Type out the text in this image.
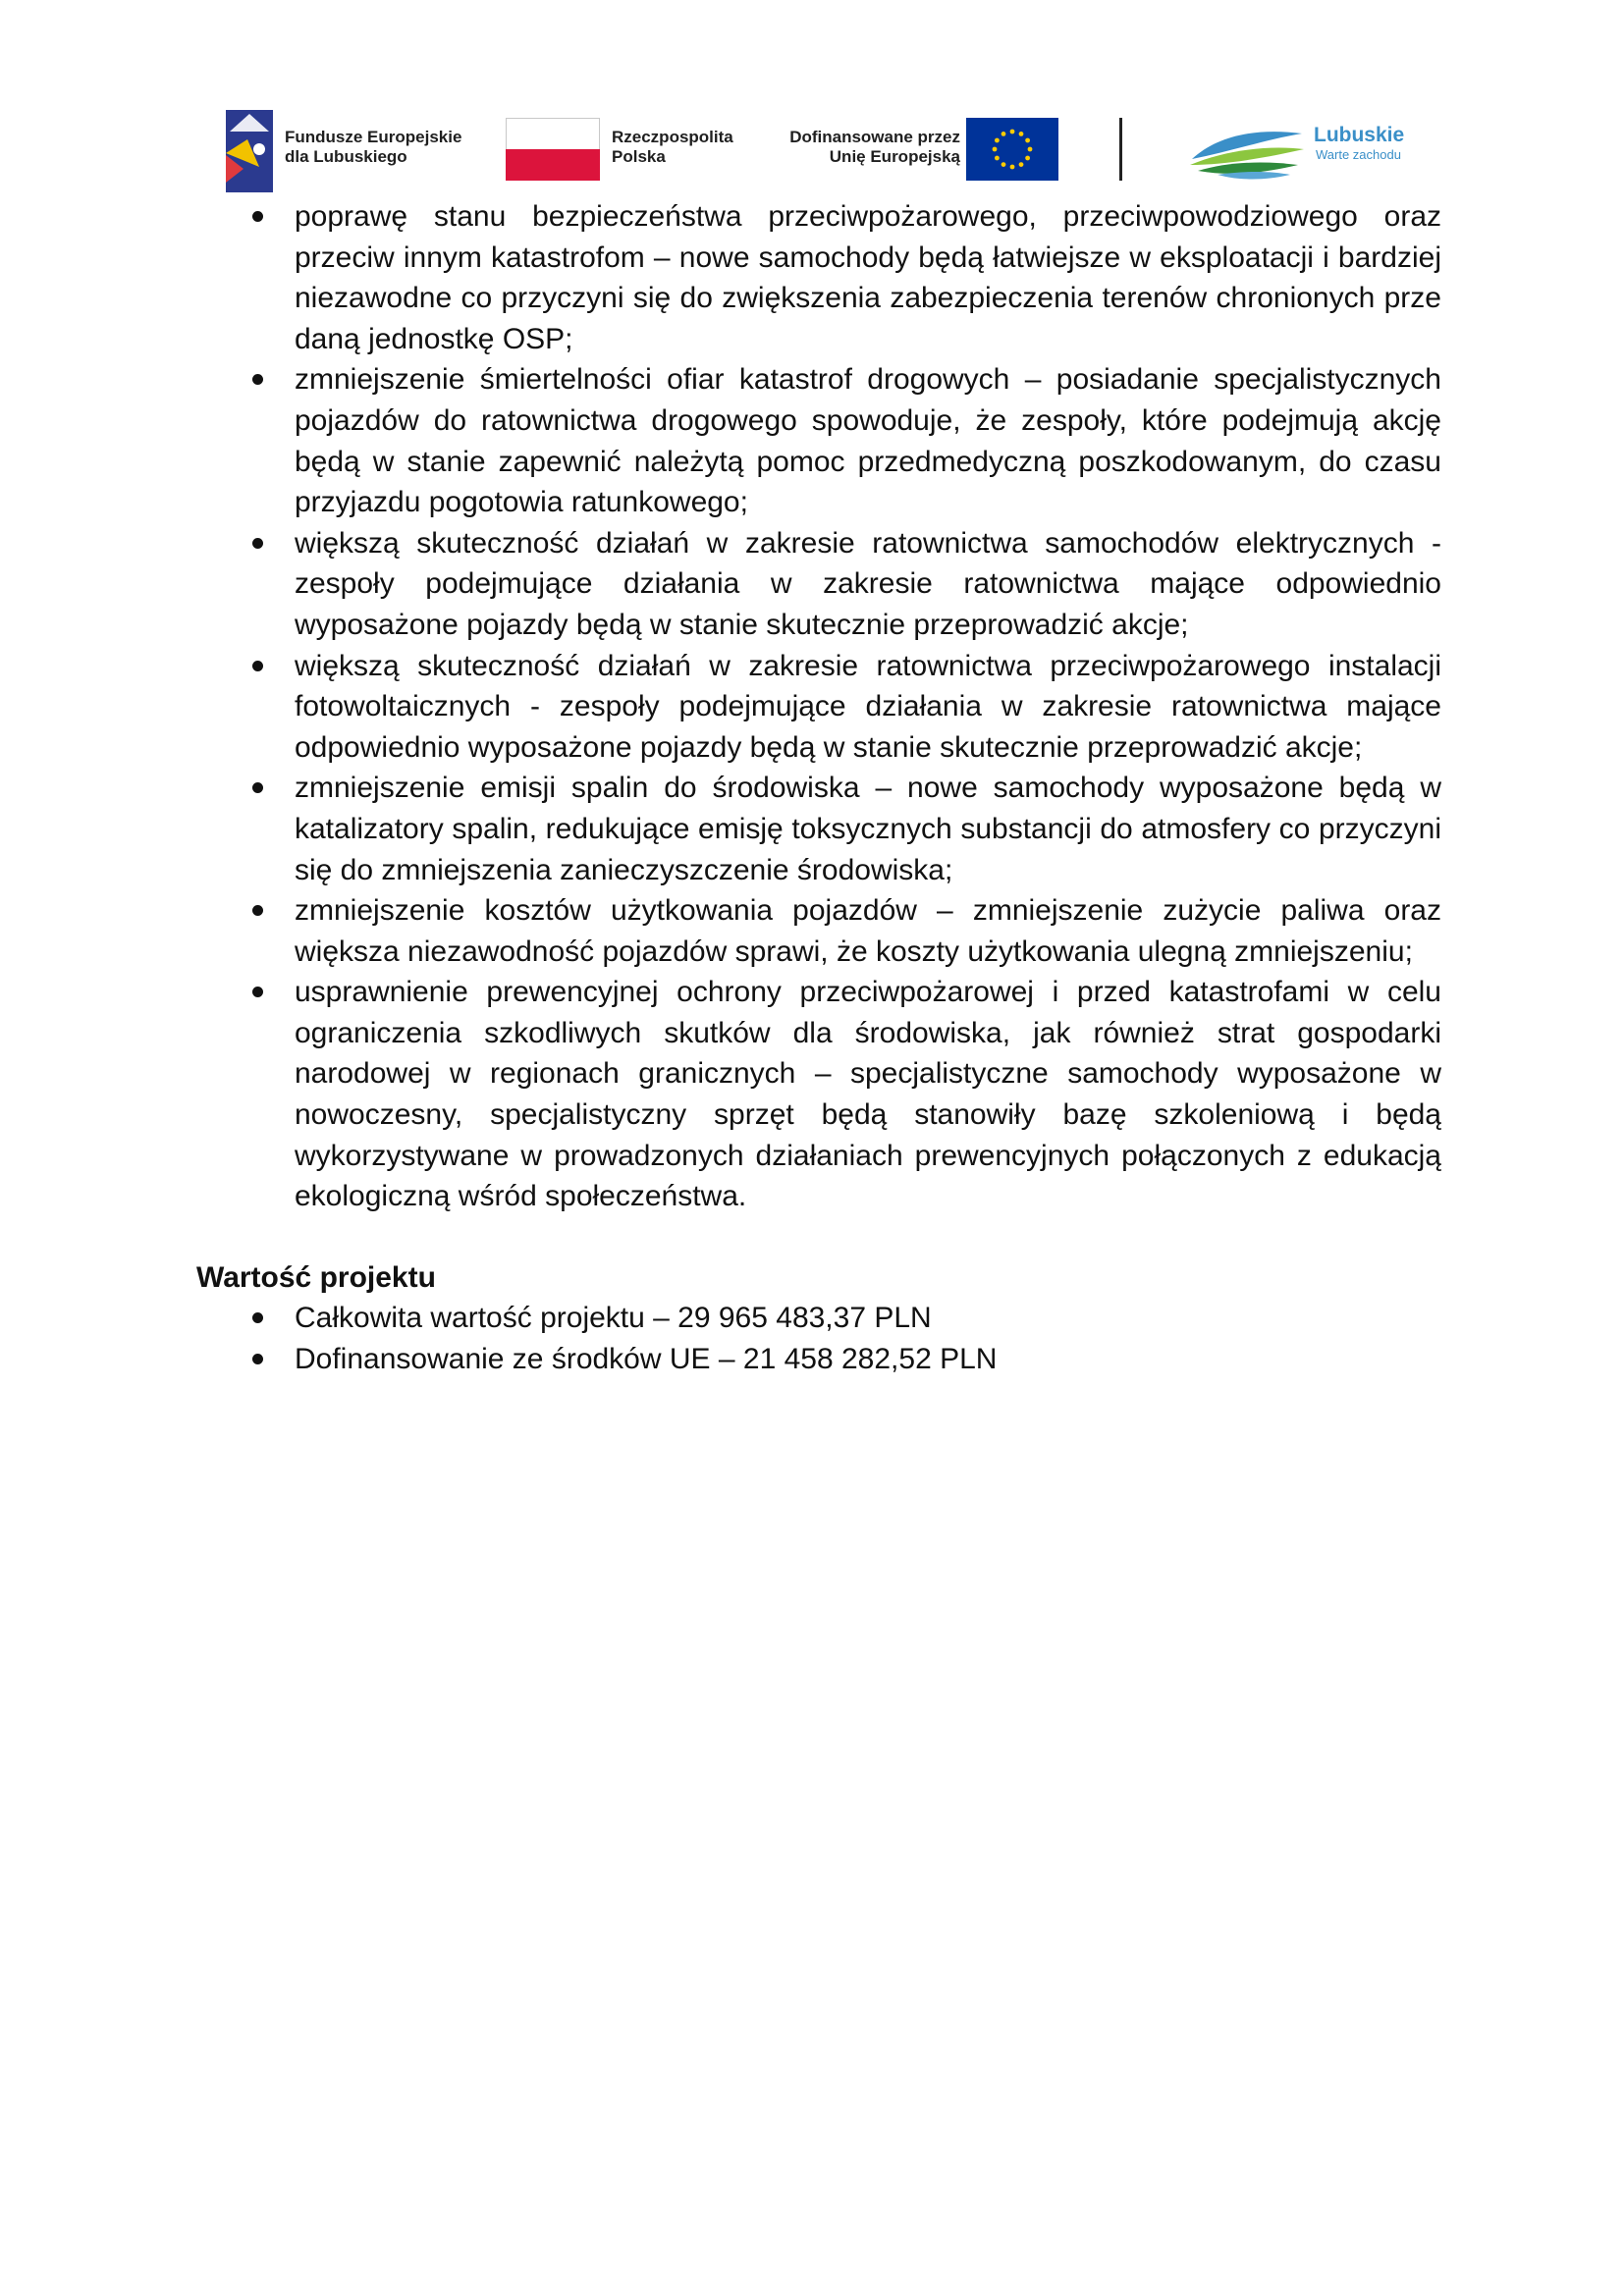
Fundusze Europejskie
dla Lubuskiego
Rzeczpospolita
Polska
Dofinansowane przez
Unię Europejską
Lubuskie
Warte zachodu
poprawę stanu bezpieczeństwa przeciwpożarowego, przeciwpowodziowego oraz przeciw innym katastrofom – nowe samochody będą łatwiejsze w eksploatacji i bardziej niezawodne co przyczyni się do zwiększenia zabezpieczenia terenów chronionych prze daną jednostkę OSP;
zmniejszenie śmiertelności ofiar katastrof drogowych – posiadanie specjalistycznych pojazdów do ratownictwa drogowego spowoduje, że zespoły, które podejmują akcję będą w stanie zapewnić należytą pomoc przedmedyczną poszkodowanym, do czasu przyjazdu pogotowia ratunkowego;
większą skuteczność działań w zakresie ratownictwa samochodów elektrycznych - zespoły podejmujące działania w zakresie ratownictwa mające odpowiednio wyposażone pojazdy będą w stanie skutecznie przeprowadzić akcje;
większą skuteczność działań w zakresie ratownictwa przeciwpożarowego instalacji fotowoltaicznych - zespoły podejmujące działania w zakresie ratownictwa mające odpowiednio wyposażone pojazdy będą w stanie skutecznie przeprowadzić akcje;
zmniejszenie emisji spalin do środowiska – nowe samochody wyposażone będą w katalizatory spalin, redukujące emisję toksycznych substancji do atmosfery co przyczyni się do zmniejszenia zanieczyszczenie środowiska;
zmniejszenie kosztów użytkowania pojazdów – zmniejszenie zużycie paliwa oraz większa niezawodność pojazdów sprawi, że koszty użytkowania ulegną zmniejszeniu;
usprawnienie prewencyjnej ochrony przeciwpożarowej i przed katastrofami w celu ograniczenia szkodliwych skutków dla środowiska, jak również strat gospodarki narodowej w regionach granicznych – specjalistyczne samochody wyposażone w nowoczesny, specjalistyczny sprzęt będą stanowiły bazę szkoleniową i będą wykorzystywane w prowadzonych działaniach prewencyjnych połączonych z edukacją ekologiczną wśród społeczeństwa.
Wartość projektu
Całkowita wartość projektu – 29 965 483,37 PLN
Dofinansowanie ze środków UE – 21 458 282,52 PLN
